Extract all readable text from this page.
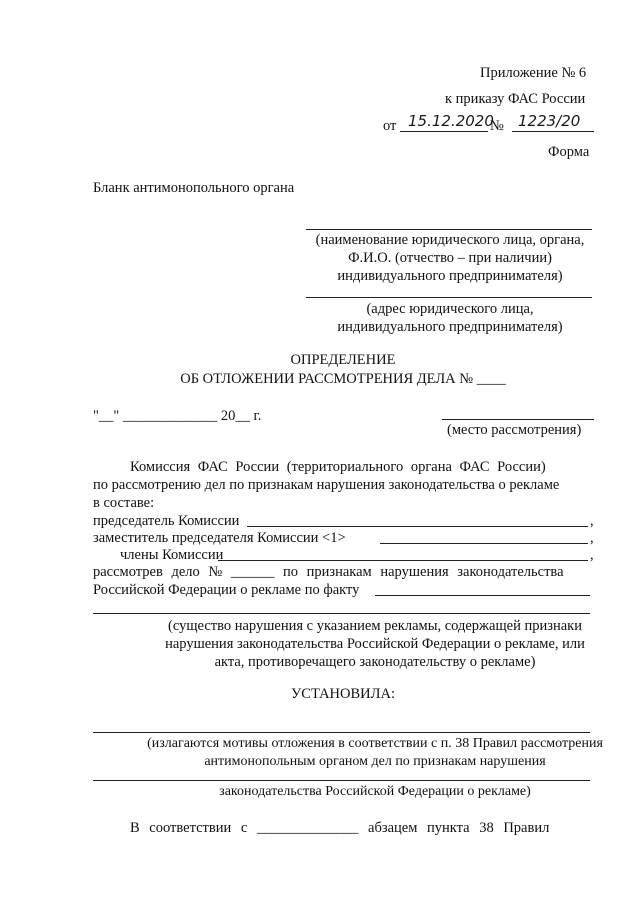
Приложение № 6
к приказу ФАС России
от 15.12.2020
№ 1223/20
Форма
Бланк антимонопольного органа
(наименование юридического лица, органа,
Ф.И.О. (отчество – при наличии)
индивидуального предпринимателя)
(адрес юридического лица,
индивидуального предпринимателя)
ОПРЕДЕЛЕНИЕ
ОБ ОТЛОЖЕНИИ РАССМОТРЕНИЯ ДЕЛА № ____
"__" _____________ 20__ г.
(место рассмотрения)
Комиссия ФАС России (территориального органа ФАС России)
по рассмотрению дел по признакам нарушения законодательства о рекламе
в составе:
председатель Комиссии	,
заместитель председателя Комиссии <1>	,
члены Комиссии	,
рассмотрев дело № ______ по признакам нарушения законодательства
Российской Федерации о рекламе по факту
(существо нарушения с указанием рекламы, содержащей признаки
нарушения законодательства Российской Федерации о рекламе, или
акта, противоречащего законодательству о рекламе)
УСТАНОВИЛА:
(излагаются мотивы отложения в соответствии с п. 38 Правил рассмотрения
антимонопольным органом дел по признакам нарушения
законодательства Российской Федерации о рекламе)
В соответствии с ______________ абзацем пункта 38 Правил
